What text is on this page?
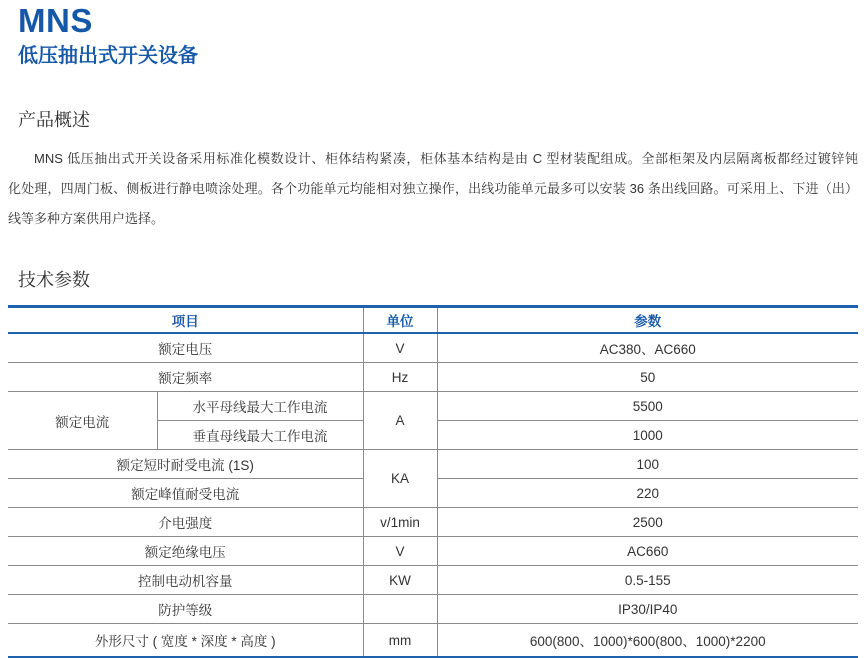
MNS
低压抽出式开关设备
产品概述
MNS 低压抽出式开关设备采用标准化模数设计、柜体结构紧凑，柜体基本结构是由 C 型材装配组成。全部柜架及内层隔离板都经过镀锌钝
化处理，四周门板、侧板进行静电喷涂处理。各个功能单元均能相对独立操作，出线功能单元最多可以安装 36 条出线回路。可采用上、下进（出）
线等多种方案供用户选择。
技术参数
项目		单位	参数
额定电压		V	AC380、AC660
额定频率		Hz	50
额定电流	水平母线最大工作电流	A	5500
	垂直母线最大工作电流		1000
额定短时耐受电流 (1S)		KA	100
额定峰值耐受电流			220
介电强度		v/1min	2500
额定绝缘电压		V	AC660
控制电动机容量		KW	0.5-155
防护等级			IP30/IP40
外形尺寸 ( 宽度 * 深度 * 高度 )		mm	600(800、1000)*600(800、1000)*2200
